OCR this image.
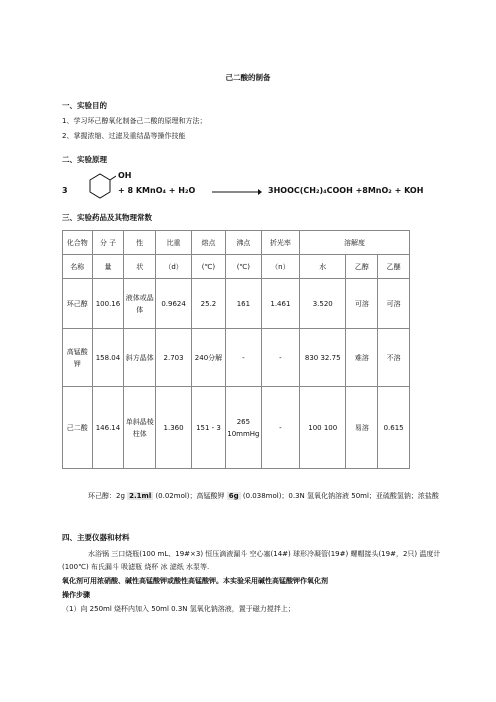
己二酸的制备
一、实验目的
1、学习环己醇氧化制备己二酸的原理和方法；
2、掌握浓缩、过滤及重结晶等操作技能
二、实验原理
3
OH
+ 8 KMnO₄ + H₂O → 3HOOC(CH₂)₄COOH +8MnO₂ + KOH
三、实验药品及其物理常数
化合物	分 子	性	比重	熔点	沸点	折光率	溶解度		
名称	量	状	（d）	(℃)	(℃)	（n）	水	乙醇	乙醚
环己醇	100.16	液体或晶体	0.9624	25.2	161	1.461	3.520	可溶	可溶
高锰酸钾	158.04	斜方晶体	2.703	240分解	-	-	830 32.75	难溶	不溶
己二酸	146.14	单斜晶棱柱体	1.360	151 - 3	265 10mmHg	-	100 100	易溶	0.615
环己醇：2g 2.1ml (0.02mol)；高锰酸钾 6g (0.038mol)；0.3N 氢氧化钠溶液 50ml；亚硫酸氢钠；浓盐酸
四、主要仪器和材料
水浴锅 三口烧瓶(100 mL、19#×3) 恒压滴液漏斗 空心塞(14#) 球形冷凝管(19#) 螺帽接头(19#，2只) 温度计(100℃) 布氏漏斗 吸滤瓶 烧杯 冰 滤纸 水泵等.
氧化剂可用浓硝酸、碱性高锰酸钾或酸性高锰酸钾。本实验采用碱性高锰酸钾作氧化剂
操作步骤
（1）向 250ml 烧杯内加入 50ml 0.3N 氢氧化钠溶液，置于磁力搅拌上；
